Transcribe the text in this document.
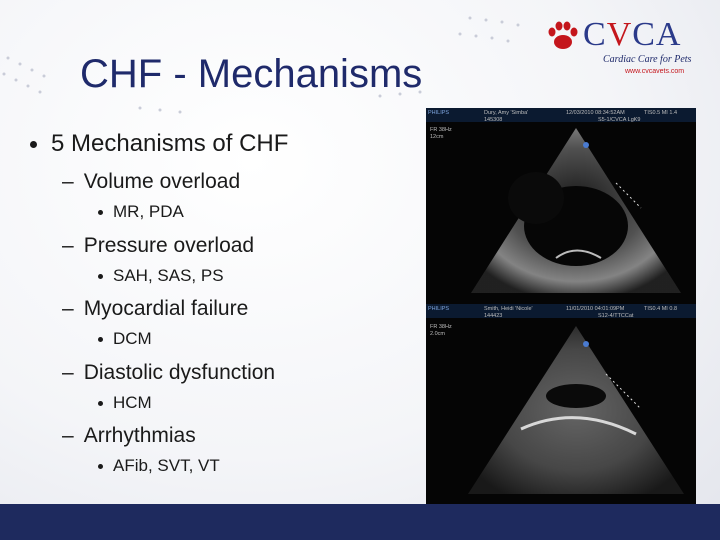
CHF - Mechanisms
CVCA
Cardiac Care for Pets
www.cvcavets.com
5 Mechanisms of CHF
– Volume overload
MR, PDA
– Pressure overload
SAH, SAS, PS
– Myocardial failure
DCM
– Diastolic dysfunction
HCM
– Arrhythmias
AFib, SVT, VT
PHILIPS	Dury, Amy 'Simba'	12/03/2010 08:34:52AM	TIS0.5 MI 1.4
145308	S5-1/CVCA LgK9
FR 38Hz
12cm
PHILIPS	Smith, Heidi 'Nicole'	11/01/2010 04:01:09PM	TIS0.4 MI 0.8
144423	S12-4/TTCCat
FR 38Hz
2.0cm
